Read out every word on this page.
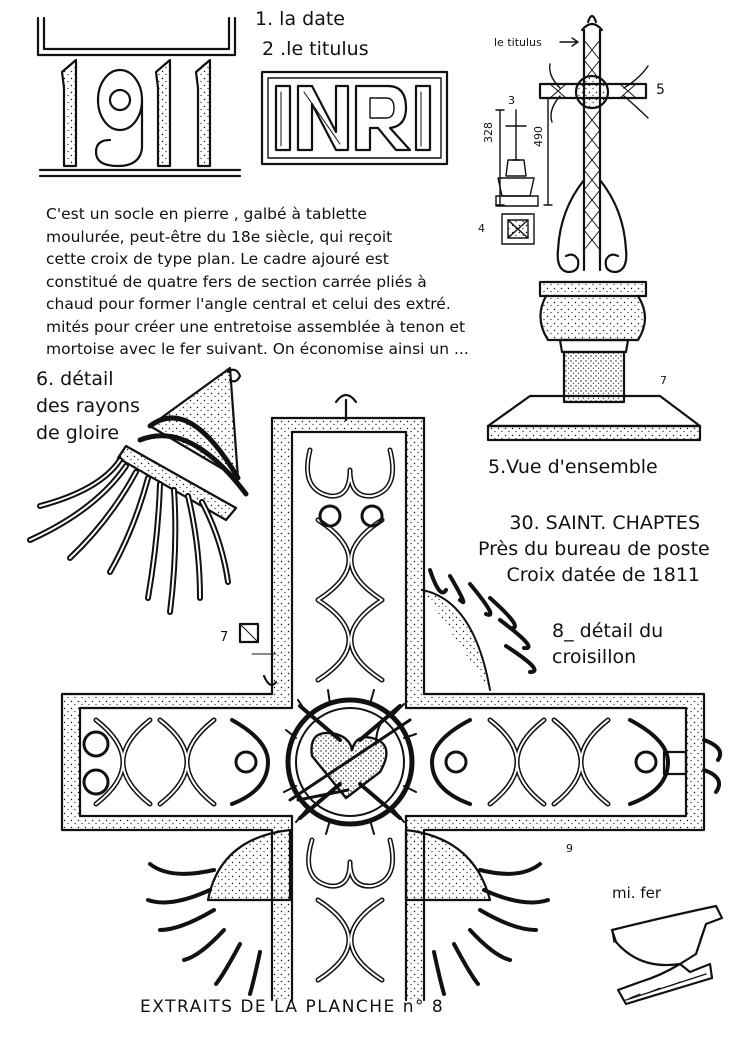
1. la date
2 .le titulus	le titulus
3
4
5
7
7
9
328	490
C'est un socle en pierre , galbé à tablette
moulurée, peut-être du 18e siècle, qui reçoit
cette croix de type plan. Le cadre ajouré est
constitué de quatre fers de section carrée pliés à
chaud pour former l'angle central et celui des extré.
mités pour créer une entretoise assemblée à tenon et
mortoise avec le fer suivant. On économise ainsi un ...
6. détail
des rayons
de gloire
5.Vue d'ensemble
30. SAINT. CHAPTES
Près du bureau de poste
Croix datée de 1811
8_ détail du
croisillon
mi. fer
EXTRAITS DE LA PLANCHE n° 8
